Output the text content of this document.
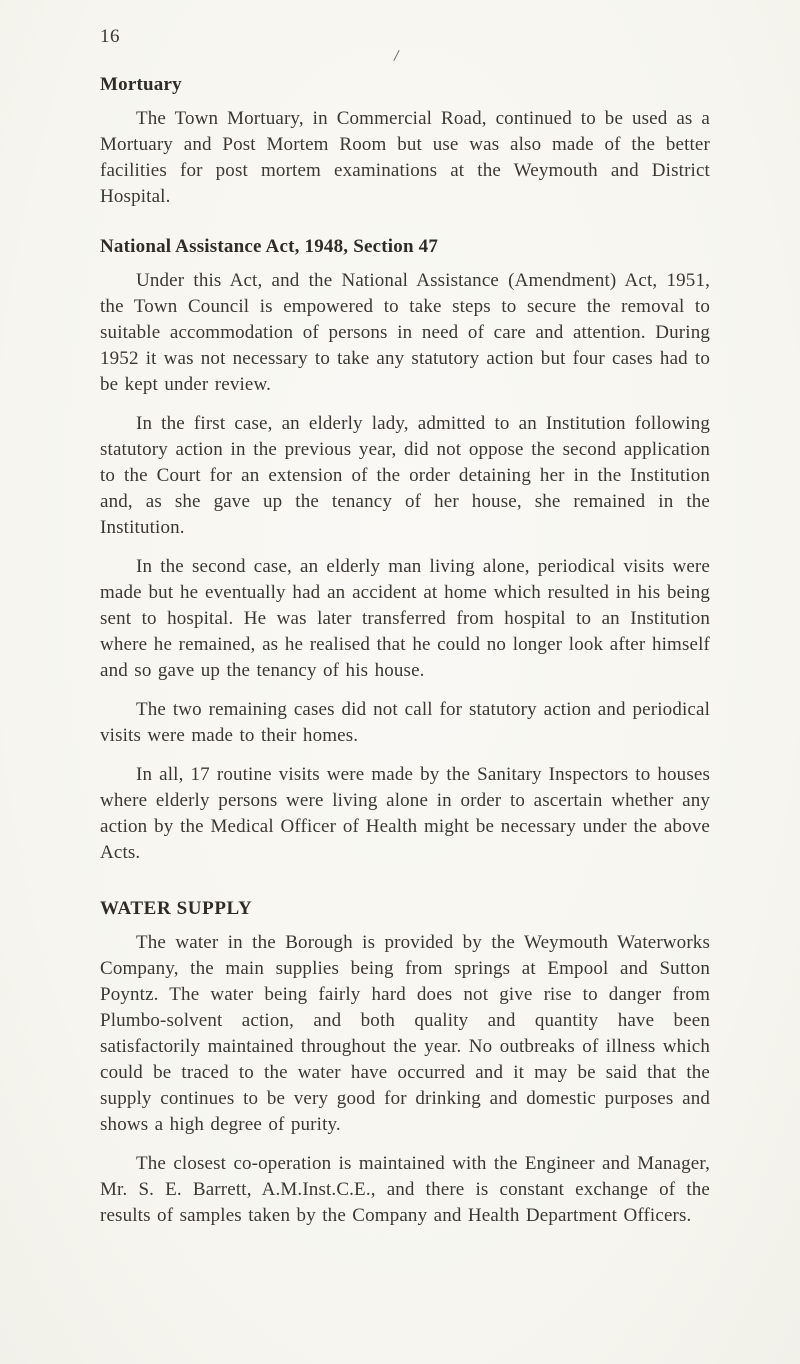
16
/
Mortuary

The Town Mortuary, in Commercial Road, continued to be used as a Mortuary and Post Mortem Room but use was also made of the better facilities for post mortem examinations at the Weymouth and District Hospital.

National Assistance Act, 1948, Section 47

Under this Act, and the National Assistance (Amendment) Act, 1951, the Town Council is empowered to take steps to secure the removal to suitable accommodation of persons in need of care and attention. During 1952 it was not necessary to take any statutory action but four cases had to be kept under review.

In the first case, an elderly lady, admitted to an Institution following statutory action in the previous year, did not oppose the second application to the Court for an extension of the order detaining her in the Institution and, as she gave up the tenancy of her house, she remained in the Institution.

In the second case, an elderly man living alone, periodical visits were made but he eventually had an accident at home which resulted in his being sent to hospital. He was later transferred from hospital to an Institution where he remained, as he realised that he could no longer look after himself and so gave up the tenancy of his house.

The two remaining cases did not call for statutory action and periodical visits were made to their homes.

In all, 17 routine visits were made by the Sanitary Inspectors to houses where elderly persons were living alone in order to ascertain whether any action by the Medical Officer of Health might be necessary under the above Acts.

WATER SUPPLY

The water in the Borough is provided by the Weymouth Waterworks Company, the main supplies being from springs at Empool and Sutton Poyntz. The water being fairly hard does not give rise to danger from Plumbo-solvent action, and both quality and quantity have been satisfactorily maintained throughout the year. No outbreaks of illness which could be traced to the water have occurred and it may be said that the supply continues to be very good for drinking and domestic purposes and shows a high degree of purity.

The closest co-operation is maintained with the Engineer and Manager, Mr. S. E. Barrett, A.M.Inst.C.E., and there is constant exchange of the results of samples taken by the Company and Health Department Officers.
